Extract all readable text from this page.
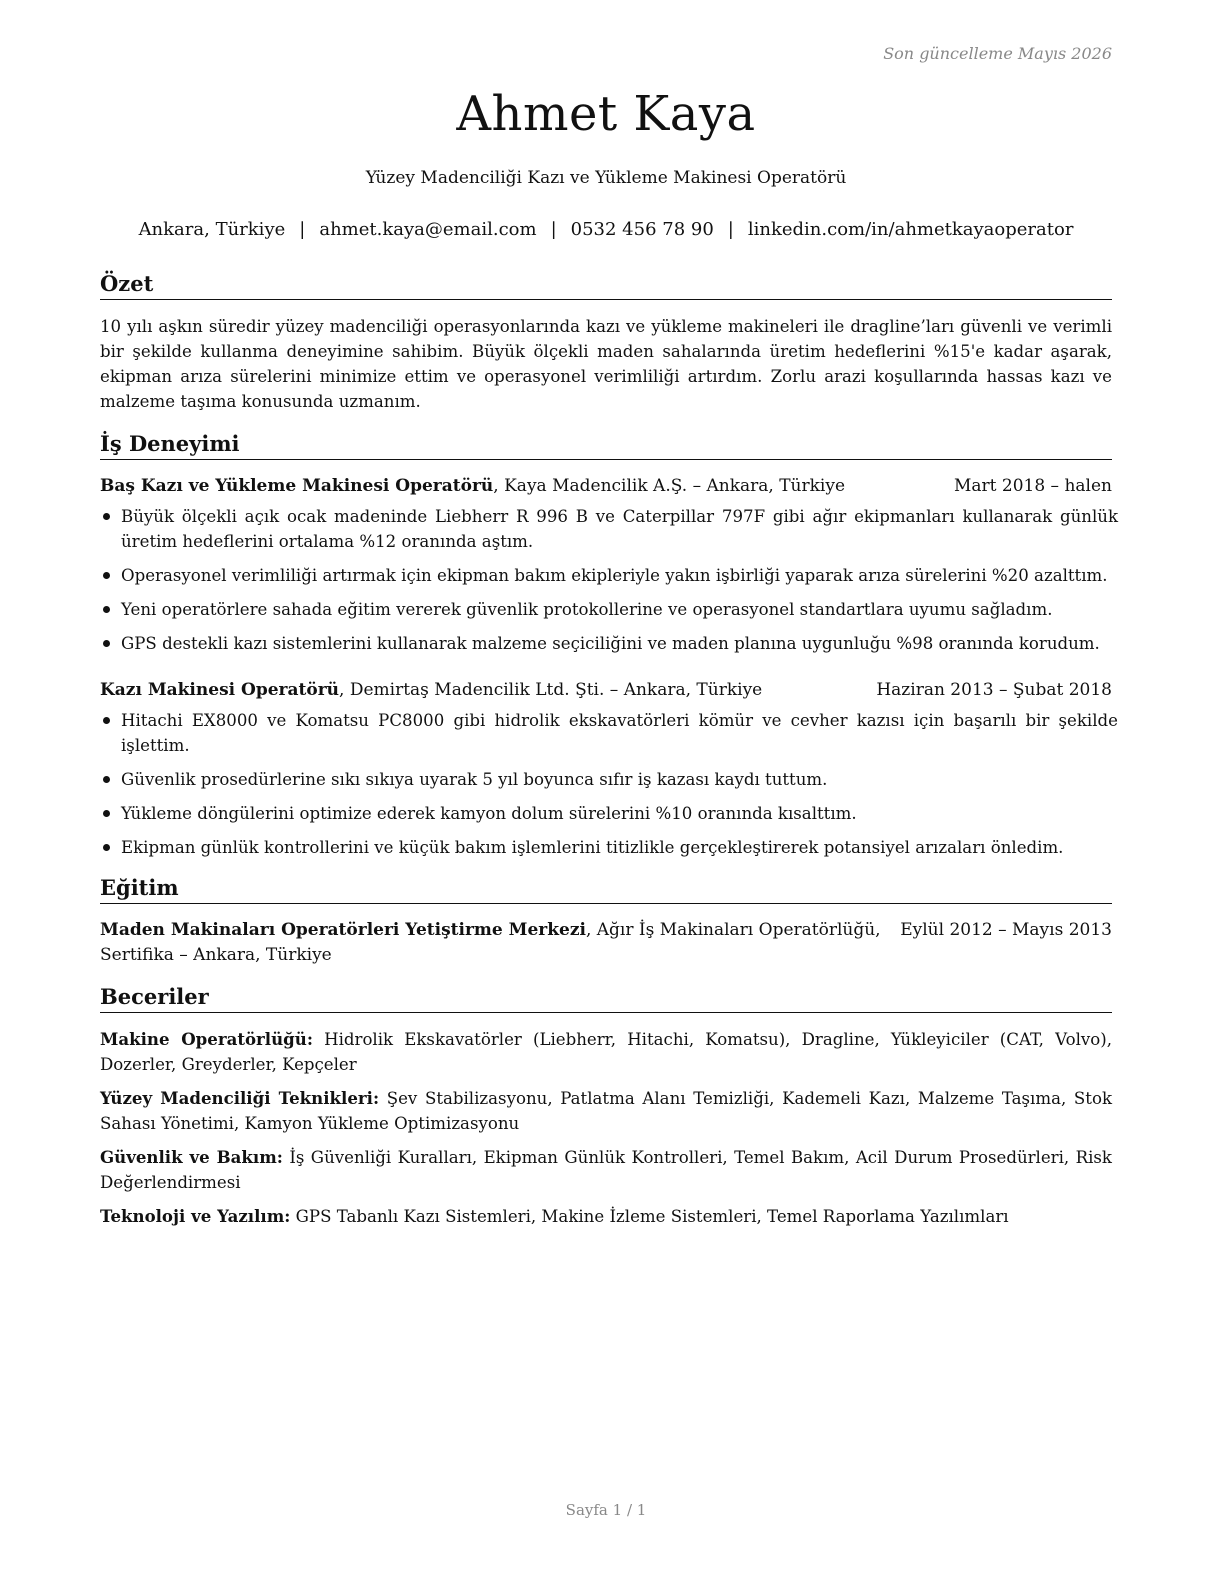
Son güncelleme Mayıs 2026
Ahmet Kaya
Yüzey Madenciliği Kazı ve Yükleme Makinesi Operatörü
Ankara, Türkiye | ahmet.kaya@email.com | 0532 456 78 90 | linkedin.com/in/ahmetkayaoperator
Özet
10 yılı aşkın süredir yüzey madenciliği operasyonlarında kazı ve yükleme makineleri ile dragline’ları güvenli ve verimli bir şekilde kullanma deneyimine sahibim. Büyük ölçekli maden sahalarında üretim hedeflerini %15'e kadar aşarak, ekipman arıza sürelerini minimize ettim ve operasyonel verimliliği artırdım. Zorlu arazi koşullarında hassas kazı ve malzeme taşıma konusunda uzmanım.
İş Deneyimi
Baş Kazı ve Yükleme Makinesi Operatörü, Kaya Madencilik A.Ş. – Ankara, Türkiye	Mart 2018 – halen
Büyük ölçekli açık ocak madeninde Liebherr R 996 B ve Caterpillar 797F gibi ağır ekipmanları kullanarak günlük üretim hedeflerini ortalama %12 oranında aştım.
Operasyonel verimliliği artırmak için ekipman bakım ekipleriyle yakın işbirliği yaparak arıza sürelerini %20 azalttım.
Yeni operatörlere sahada eğitim vererek güvenlik protokollerine ve operasyonel standartlara uyumu sağladım.
GPS destekli kazı sistemlerini kullanarak malzeme seçiciliğini ve maden planına uygunluğu %98 oranında korudum.
Kazı Makinesi Operatörü, Demirtaş Madencilik Ltd. Şti. – Ankara, Türkiye	Haziran 2013 – Şubat 2018
Hitachi EX8000 ve Komatsu PC8000 gibi hidrolik ekskavatörleri kömür ve cevher kazısı için başarılı bir şekilde işlettim.
Güvenlik prosedürlerine sıkı sıkıya uyarak 5 yıl boyunca sıfır iş kazası kaydı tuttum.
Yükleme döngülerini optimize ederek kamyon dolum sürelerini %10 oranında kısalttım.
Ekipman günlük kontrollerini ve küçük bakım işlemlerini titizlikle gerçekleştirerek potansiyel arızaları önledim.
Eğitim
Maden Makinaları Operatörleri Yetiştirme Merkezi, Ağır İş Makinaları Operatörlüğü, Sertifika – Ankara, Türkiye
Eylül 2012 – Mayıs 2013
Beceriler
Makine Operatörlüğü: Hidrolik Ekskavatörler (Liebherr, Hitachi, Komatsu), Dragline, Yükleyiciler (CAT, Volvo), Dozerler, Greyderler, Kepçeler
Yüzey Madenciliği Teknikleri: Şev Stabilizasyonu, Patlatma Alanı Temizliği, Kademeli Kazı, Malzeme Taşıma, Stok Sahası Yönetimi, Kamyon Yükleme Optimizasyonu
Güvenlik ve Bakım: İş Güvenliği Kuralları, Ekipman Günlük Kontrolleri, Temel Bakım, Acil Durum Prosedürleri, Risk Değerlendirmesi
Teknoloji ve Yazılım: GPS Tabanlı Kazı Sistemleri, Makine İzleme Sistemleri, Temel Raporlama Yazılımları
Sayfa 1 / 1
